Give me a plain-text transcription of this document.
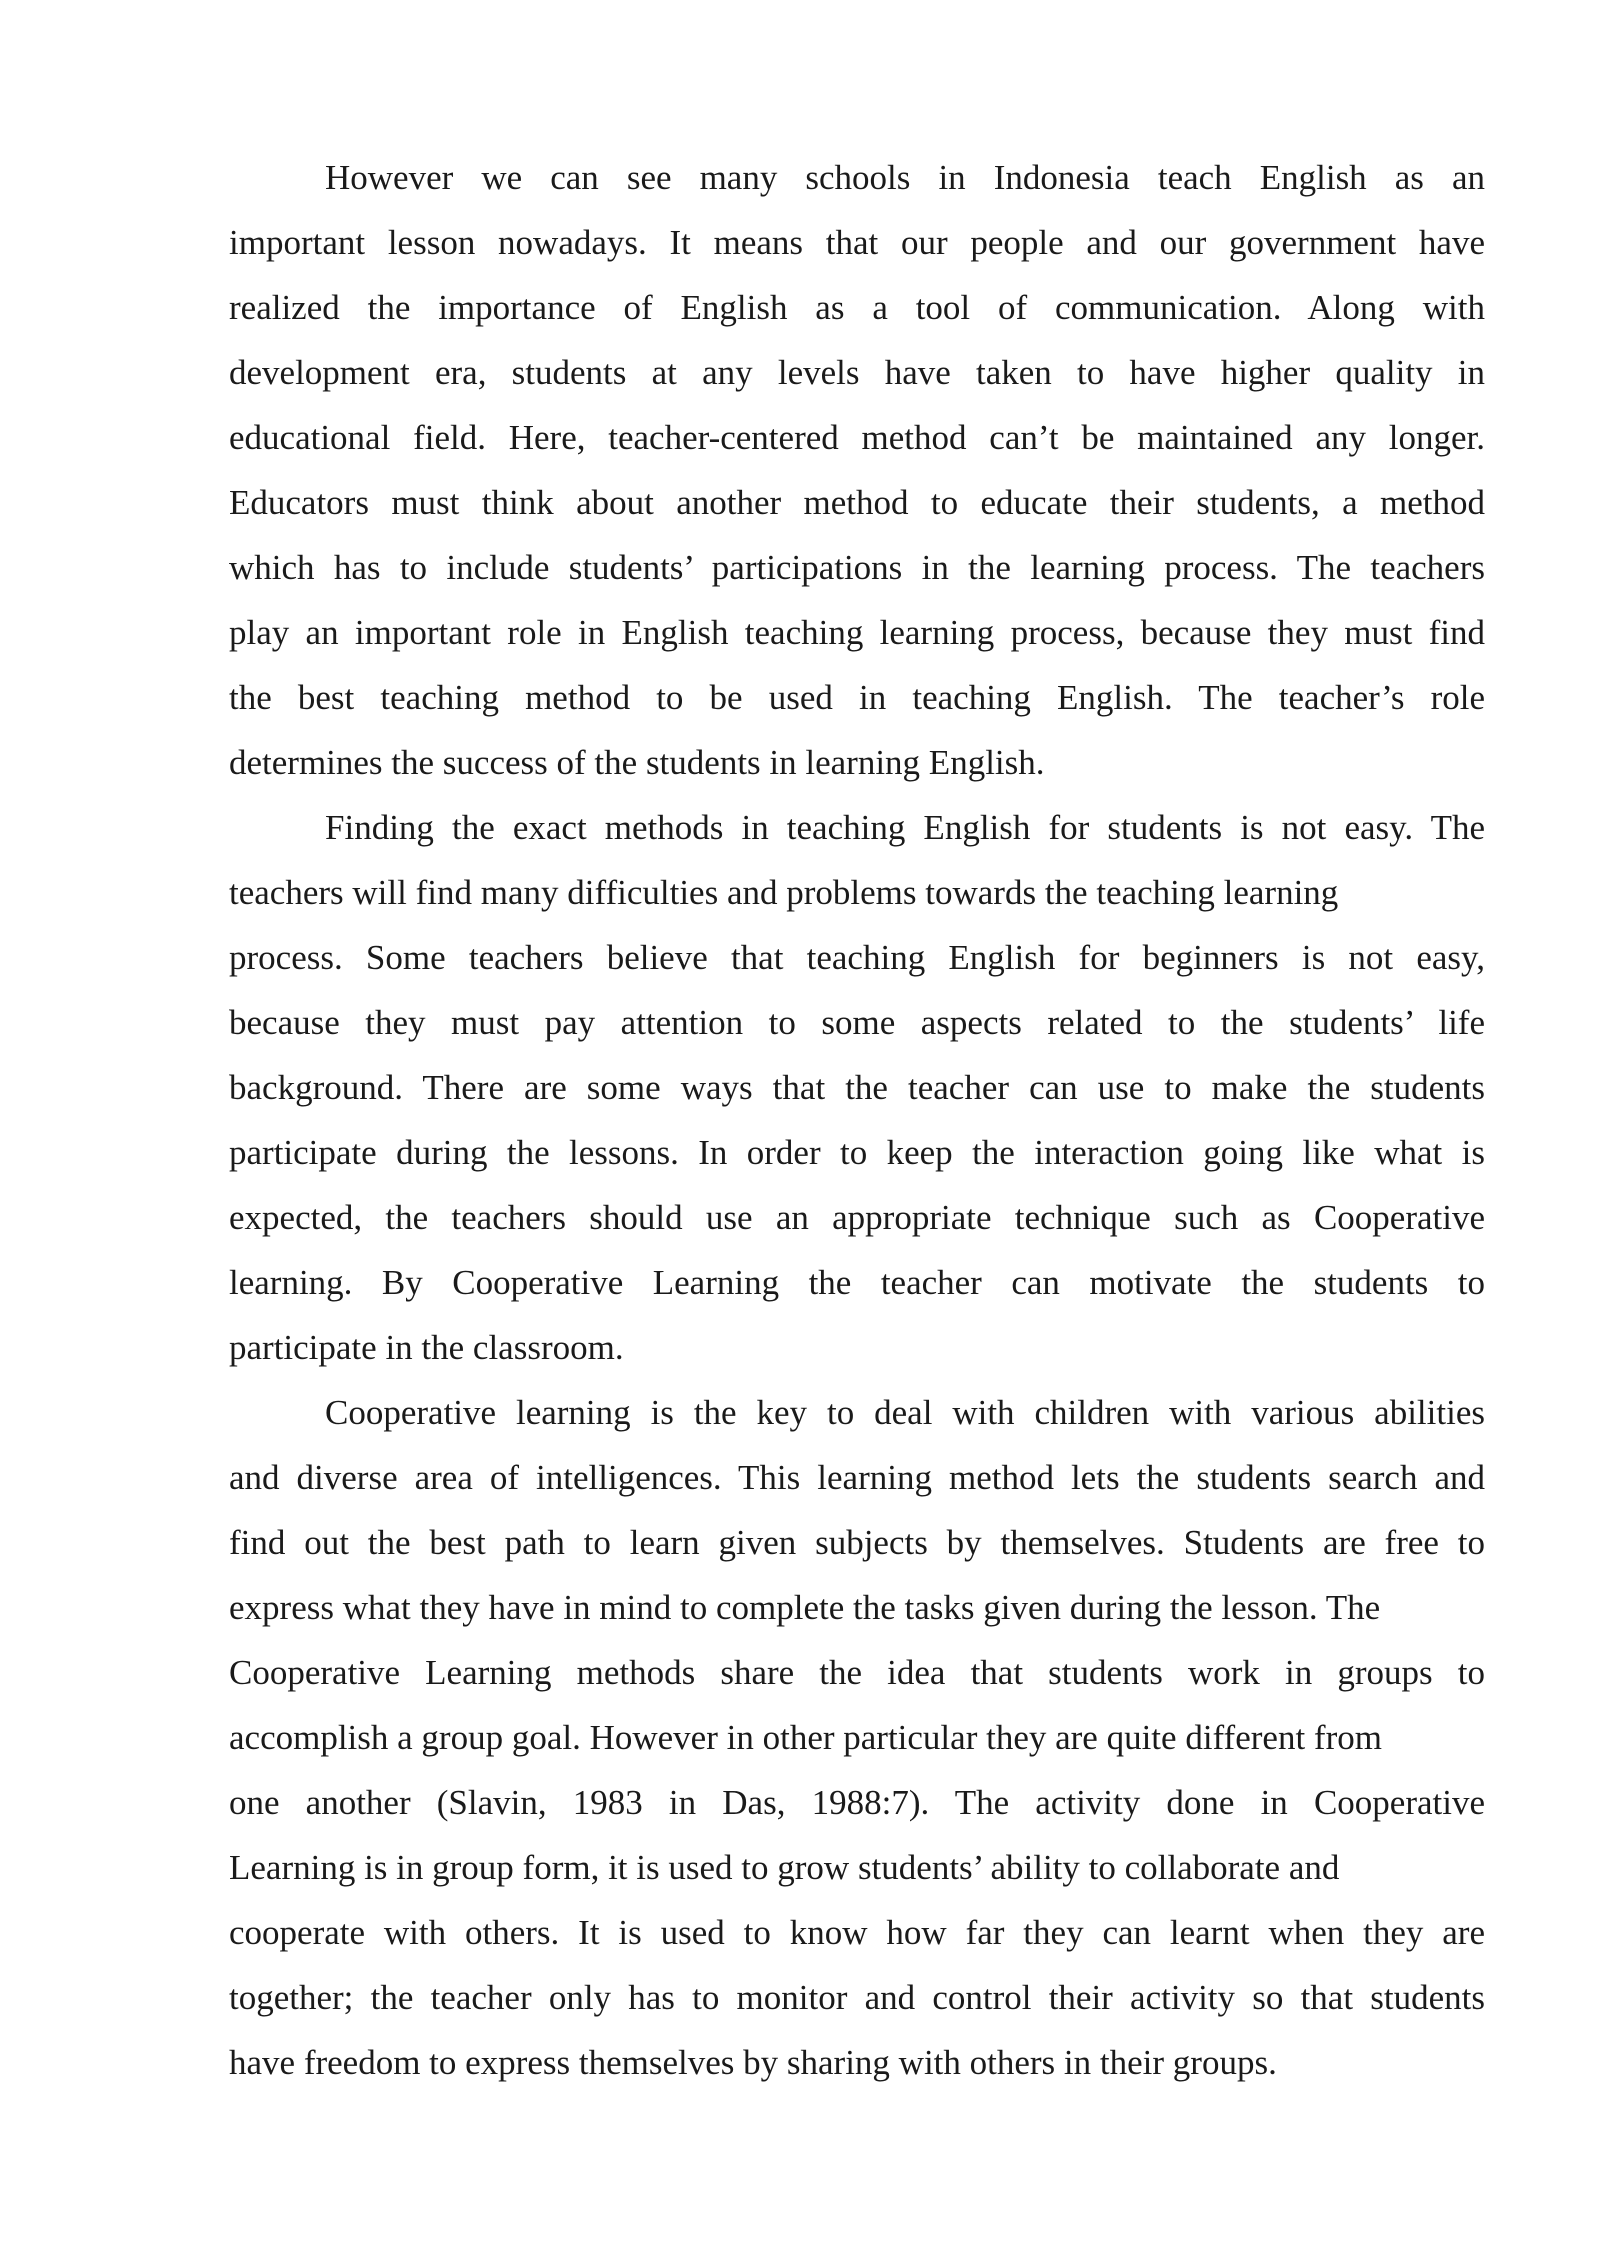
However we can see many schools in Indonesia teach English as an
important lesson nowadays. It means that our people and our government have
realized the importance of English as a tool of communication. Along with
development era, students at any levels have taken to have higher quality in
educational field. Here, teacher-centered method can’t be maintained any longer.
Educators must think about another method to educate their students, a method
which has to include students’ participations in the learning process. The teachers
play an important role in English teaching learning process, because they must find
the best teaching method to be used in teaching English. The teacher’s role
determines the success of the students in learning English.
Finding the exact methods in teaching English for students is not easy. The
teachers will find many difficulties and problems towards the teaching learning
process. Some teachers believe that teaching English for beginners is not easy,
because they must pay attention to some aspects related to the students’ life
background. There are some ways that the teacher can use to make the students
participate during the lessons. In order to keep the interaction going like what is
expected, the teachers should use an appropriate technique such as Cooperative
learning. By Cooperative Learning the teacher can motivate the students to
participate in the classroom.
Cooperative learning is the key to deal with children with various abilities
and diverse area of intelligences. This learning method lets the students search and
find out the best path to learn given subjects by themselves. Students are free to
express what they have in mind to complete the tasks given during the lesson. The
Cooperative Learning methods share the idea that students work in groups to
accomplish a group goal. However in other particular they are quite different from
one another (Slavin, 1983 in Das, 1988:7). The activity done in Cooperative
Learning is in group form, it is used to grow students’ ability to collaborate and
cooperate with others. It is used to know how far they can learnt when they are
together; the teacher only has to monitor and control their activity so that students
have freedom to express themselves by sharing with others in their groups.
